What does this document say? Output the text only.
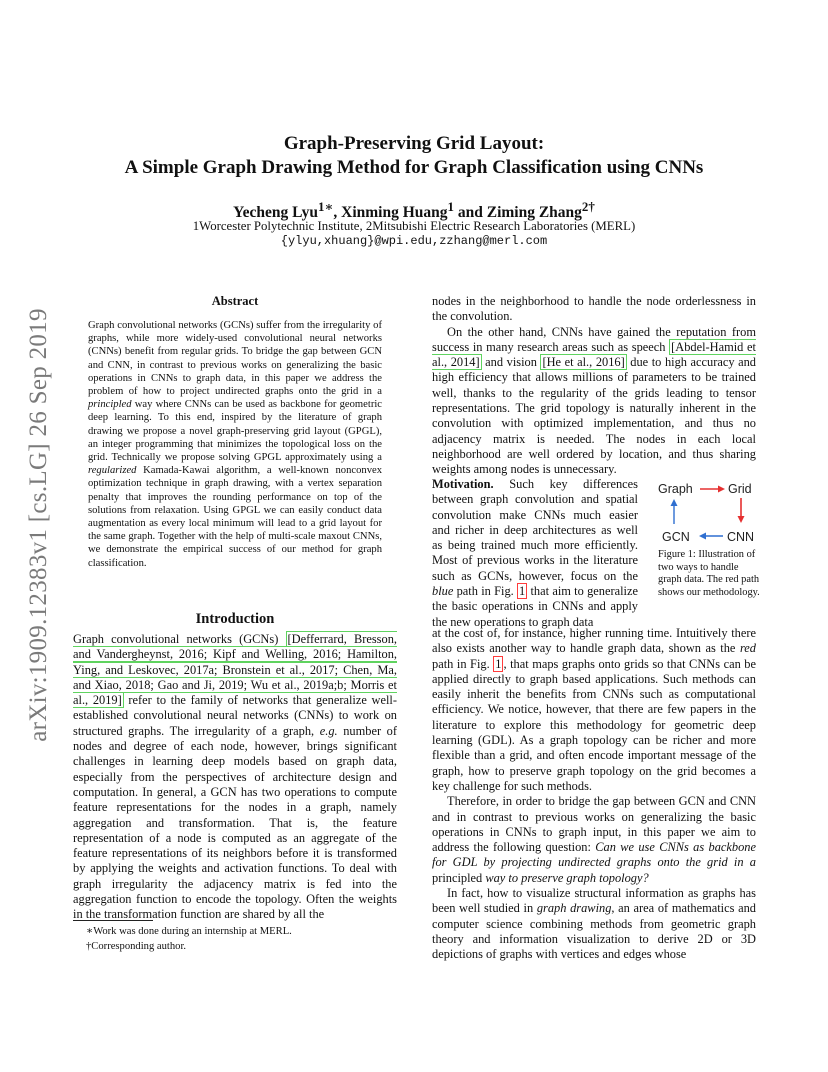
arXiv:1909.12383v1 [cs.LG] 26 Sep 2019
Graph-Preserving Grid Layout:
A Simple Graph Drawing Method for Graph Classification using CNNs
Yecheng Lyu$^{1∗}$, Xinming Huang$^1$ and Ziming Zhang$^{2\dagger}$
1Worcester Polytechnic Institute, 2Mitsubishi Electric Research Laboratories (MERL)
{ylyu,xhuang}@wpi.edu,zzhang@merl.com
Abstract
Graph convolutional networks (GCNs) suffer from the irregularity of graphs, while more widely-used convolutional neural networks (CNNs) benefit from regular grids. To bridge the gap between GCN and CNN, in contrast to previous works on generalizing the basic operations in CNNs to graph data, in this paper we address the problem of how to project undirected graphs onto the grid in a principled way where CNNs can be used as backbone for geometric deep learning. To this end, inspired by the literature of graph drawing we propose a novel graph-preserving grid layout (GPGL), an integer programming that minimizes the topological loss on the grid. Technically we propose solving GPGL approximately using a regularized Kamada-Kawai algorithm, a well-known nonconvex optimization technique in graph drawing, with a vertex separation penalty that improves the rounding performance on top of the solutions from relaxation. Using GPGL we can easily conduct data augmentation as every local minimum will lead to a grid layout for the same graph. Together with the help of multi-scale maxout CNNs, we demonstrate the empirical success of our method for graph classification.
Introduction
Graph convolutional networks (GCNs) [Defferrard, Bresson, and Vandergheynst, 2016; Kipf and Welling, 2016; Hamilton, Ying, and Leskovec, 2017a; Bronstein et al., 2017; Chen, Ma, and Xiao, 2018; Gao and Ji, 2019; Wu et al., 2019a;b; Morris et al., 2019] refer to the family of networks that generalize well-established convolutional neural networks (CNNs) to work on structured graphs. The irregularity of a graph, e.g. number of nodes and degree of each node, however, brings significant challenges in learning deep models based on graph data, especially from the perspectives of architecture design and computation. In general, a GCN has two operations to compute feature representations for the nodes in a graph, namely aggregation and transformation. That is, the feature representation of a node is computed as an aggregate of the feature representations of its neighbors before it is transformed by applying the weights and activation functions. To deal with graph irregularity the adjacency matrix is fed into the aggregation function to encode the topology. Often the weights in the transformation function are shared by all the

nodes in the neighborhood to handle the node orderlessness in the convolution.

On the other hand, CNNs have gained the reputation from success in many research areas such as speech [Abdel-Hamid et al., 2014] and vision [He et al., 2016] due to high accuracy and high efficiency that allows millions of parameters to be trained well, thanks to the regularity of the grids leading to tensor representations. The grid topology is naturally inherent in the convolution with optimized implementation, and thus no adjacency matrix is needed. The nodes in each local neighborhood are well ordered by location, and thus sharing weights among nodes is unnecessary.

Motivation. Such key differences between graph convolution and spatial convolution make CNNs much easier and richer in deep architectures as well as being trained much more efficiently. Most of previous works in the literature such as GCNs, however, focus on the blue path in Fig. 1 that aim to generalize the basic operations in CNNs and apply the new operations to graph data
Graph	Grid
GCN	CNN
Figure 1: Illustration of two ways to handle graph data. The red path shows our methodology.

at the cost of, for instance, higher running time. Intuitively there also exists another way to handle graph data, shown as the red path in Fig. 1 , that maps graphs onto grids so that CNNs can be applied directly to graph based applications. Such methods can easily inherit the benefits from CNNs such as computational efficiency. We notice, however, that there are few papers in the literature to explore this methodology for geometric deep learning (GDL). As a graph topology can be richer and more flexible than a grid, and often encode important message of the graph, how to preserve graph topology on the grid becomes a key challenge for such methods.

Therefore, in order to bridge the gap between GCN and CNN and in contrast to previous works on generalizing the basic operations in CNNs to graph input, in this paper we aim to address the following question: Can we use CNNs as backbone for GDL by projecting undirected graphs onto the grid in a principled way to preserve graph topology?

In fact, how to visualize structural information as graphs has been well studied in graph drawing, an area of mathematics and computer science combining methods from geometric graph theory and information visualization to derive 2D or 3D depictions of graphs with vertices and edges whose

∗Work was done during an internship at MERL.
†Corresponding author.
